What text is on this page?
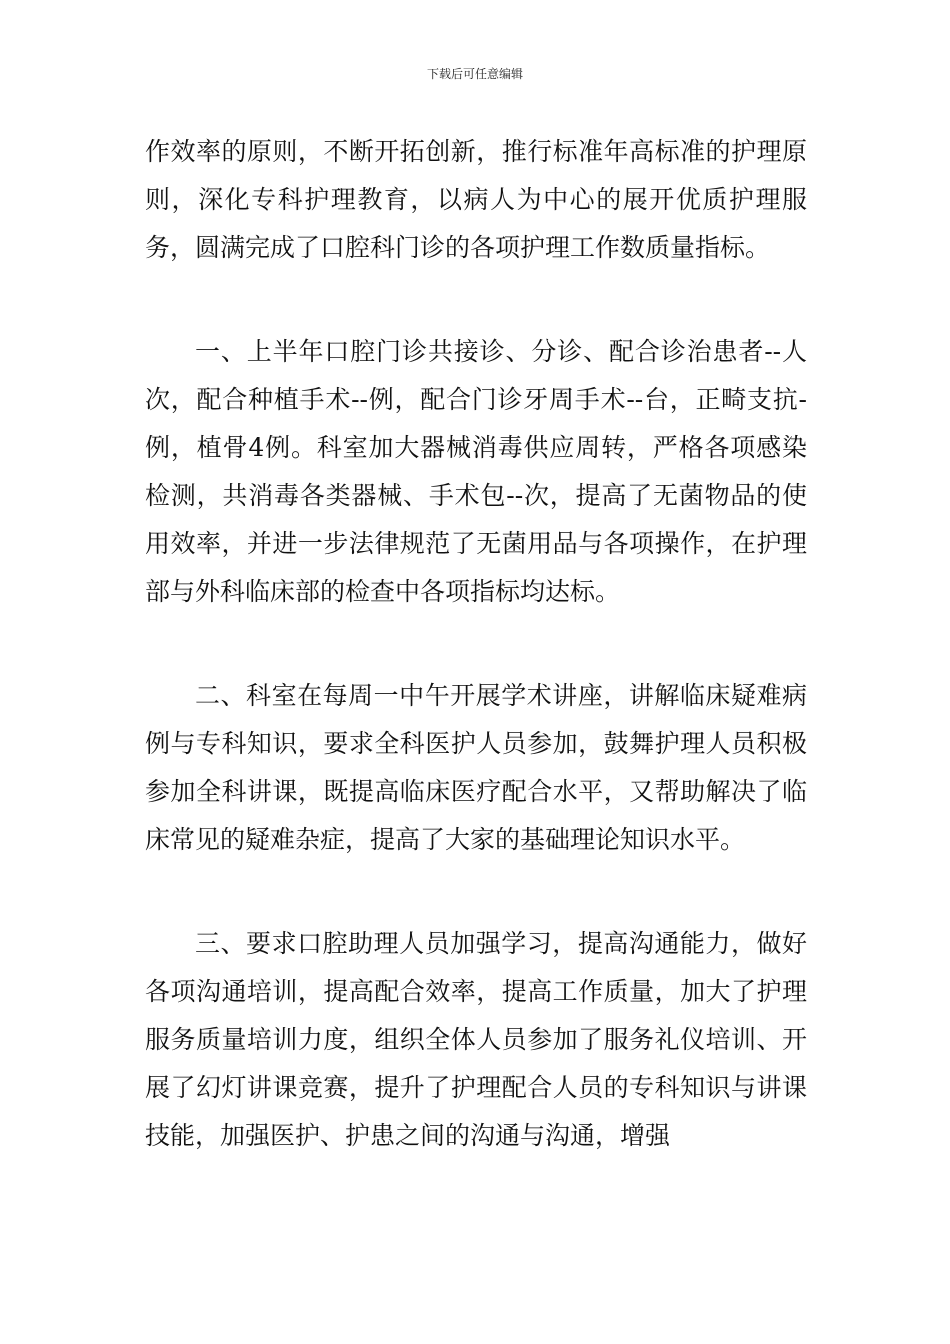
下载后可任意编辑

作效率的原则，不断开拓创新，推行标准年高标准的护理原则，深化专科护理教育，以病人为中心的展开优质护理服务，圆满完成了口腔科门诊的各项护理工作数质量指标。

一、上半年口腔门诊共接诊、分诊、配合诊治患者--人次，配合种植手术--例，配合门诊牙周手术--台，正畸支抗-例，植骨4例。科室加大器械消毒供应周转，严格各项感染检测，共消毒各类器械、手术包--次，提高了无菌物品的使用效率，并进一步法律规范了无菌用品与各项操作，在护理部与外科临床部的检查中各项指标均达标。

二、科室在每周一中午开展学术讲座，讲解临床疑难病例与专科知识，要求全科医护人员参加，鼓舞护理人员积极参加全科讲课，既提高临床医疗配合水平，又帮助解决了临床常见的疑难杂症，提高了大家的基础理论知识水平。

三、要求口腔助理人员加强学习，提高沟通能力，做好各项沟通培训，提高配合效率，提高工作质量，加大了护理服务质量培训力度，组织全体人员参加了服务礼仪培训、开展了幻灯讲课竞赛，提升了护理配合人员的专科知识与讲课技能，加强医护、护患之间的沟通与沟通，增强
